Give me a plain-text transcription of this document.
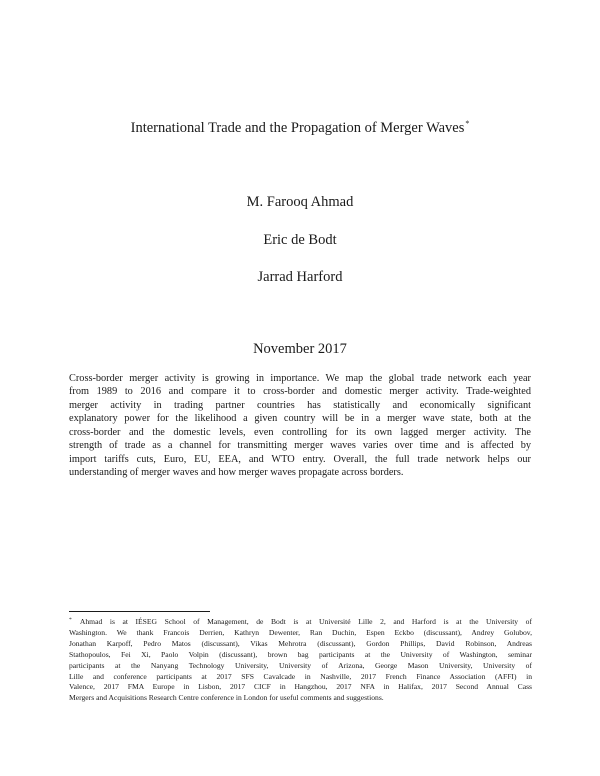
International Trade and the Propagation of Merger Waves*
M. Farooq Ahmad
Eric de Bodt
Jarrad Harford
November 2017
Cross-border merger activity is growing in importance. We map the global trade network each year
from 1989 to 2016 and compare it to cross-border and domestic merger activity. Trade-weighted
merger activity in trading partner countries has statistically and economically significant
explanatory power for the likelihood a given country will be in a merger wave state, both at the
cross-border and the domestic levels, even controlling for its own lagged merger activity. The
strength of trade as a channel for transmitting merger waves varies over time and is affected by
import tariffs cuts, Euro, EU, EEA, and WTO entry. Overall, the full trade network helps our
understanding of merger waves and how merger waves propagate across borders.
* Ahmad is at IÉSEG School of Management, de Bodt is at Université Lille 2, and Harford is at the University of
Washington. We thank Francois Derrien, Kathryn Dewenter, Ran Duchin, Espen Eckbo (discussant), Andrey Golubov,
Jonathan Karpoff, Pedro Matos (discussant), Vikas Mehrotra (discussant), Gordon Phillips, David Robinson, Andreas
Stathopoulos, Fei Xi, Paolo Volpin (discussant), brown bag participants at the University of Washington, seminar
participants at the Nanyang Technology University, University of Arizona, George Mason University, University of
Lille and conference participants at 2017 SFS Cavalcade in Nashville, 2017 French Finance Association (AFFI) in
Valence, 2017 FMA Europe in Lisbon, 2017 CICF in Hangzhou, 2017 NFA in Halifax, 2017 Second Annual Cass
Mergers and Acquisitions Research Centre conference in London for useful comments and suggestions.
